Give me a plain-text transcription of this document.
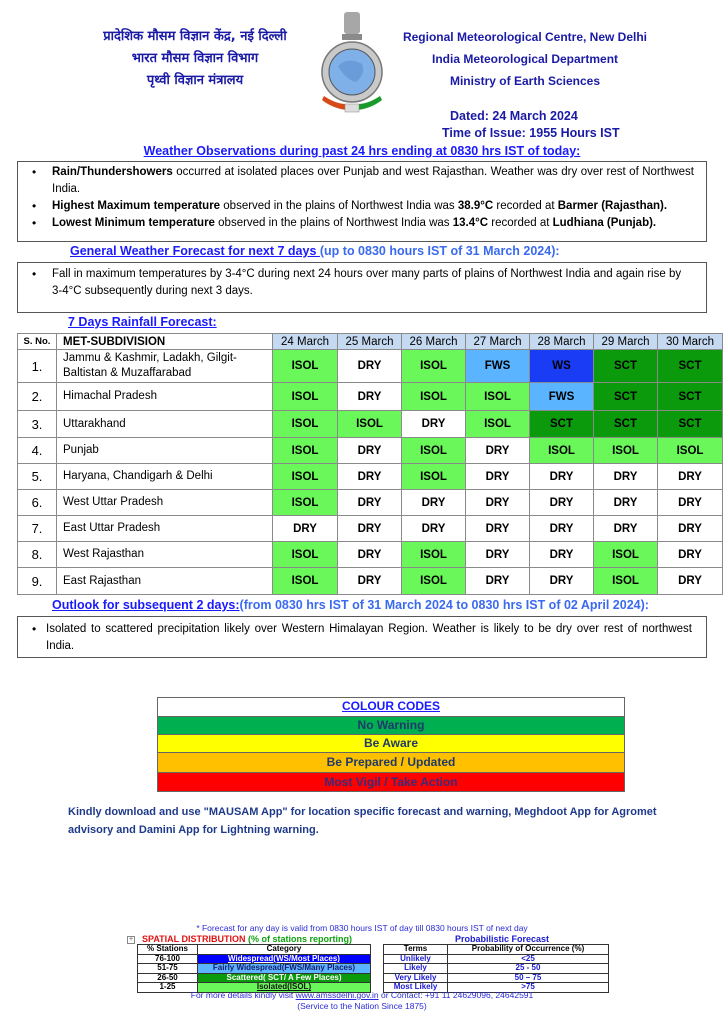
प्रादेशिक मौसम विज्ञान केंद्र, नई दिल्ली
भारत मौसम विज्ञान विभाग
पृथ्वी विज्ञान मंत्रालय
Regional Meteorological Centre, New Delhi
India Meteorological Department
Ministry of Earth Sciences
Dated: 24 March 2024
Time of Issue: 1955 Hours IST
Weather Observations during past 24 hrs ending at 0830 hrs IST of today:
• Rain/Thundershowers occurred at isolated places over Punjab and west Rajasthan. Weather was dry over rest of Northwest India.
• Highest Maximum temperature observed in the plains of Northwest India was 38.9°C recorded at Barmer (Rajasthan).
• Lowest Minimum temperature observed in the plains of Northwest India was 13.4°C recorded at Ludhiana (Punjab).
General Weather Forecast for next 7 days (up to 0830 hours IST of 31 March 2024):
• Fall in maximum temperatures by 3-4°C during next 24 hours over many parts of plains of Northwest India and again rise by 3-4°C subsequently during next 3 days.
7 Days Rainfall Forecast:
S. No.	MET-SUBDIVISION	24 March	25 March	26 March	27 March	28 March	29 March	30 March
1.	Jammu & Kashmir, Ladakh, Gilgit-Baltistan & Muzaffarabad	ISOL	DRY	ISOL	FWS	WS	SCT	SCT
2.	Himachal Pradesh	ISOL	DRY	ISOL	ISOL	FWS	SCT	SCT
3.	Uttarakhand	ISOL	ISOL	DRY	ISOL	SCT	SCT	SCT
4.	Punjab	ISOL	DRY	ISOL	DRY	ISOL	ISOL	ISOL
5.	Haryana, Chandigarh & Delhi	ISOL	DRY	ISOL	DRY	DRY	DRY	DRY
6.	West Uttar Pradesh	ISOL	DRY	DRY	DRY	DRY	DRY	DRY
7.	East Uttar Pradesh	DRY	DRY	DRY	DRY	DRY	DRY	DRY
8.	West Rajasthan	ISOL	DRY	ISOL	DRY	DRY	ISOL	DRY
9.	East Rajasthan	ISOL	DRY	ISOL	DRY	DRY	ISOL	DRY
Outlook for subsequent 2 days:(from 0830 hrs IST of 31 March 2024 to 0830 hrs IST of 02 April 2024):
• Isolated to scattered precipitation likely over Western Himalayan Region. Weather is likely to be dry over rest of northwest India.
COLOUR CODES
No Warning
Be Aware
Be Prepared / Updated
Most Vigil / Take Action
Kindly download and use "MAUSAM App" for location specific forecast and warning, Meghdoot App for Agromet advisory and Damini App for Lightning warning.
* Forecast for any day is valid from 0830 hours IST of day till 0830 hours IST of next day
+ SPATIAL DISTRIBUTION (% of stations reporting)
% Stations	Category
76-100	Widespread(WS/Most Places)
51-75	Fairly Widespread(FWS/Many Places)
26-50	Scattered( SCT/ A Few Places)
1-25	Isolated(ISOL)
Probabilistic Forecast
Terms	Probability of Occurrence (%)
Unlikely	<25
Likely	25 - 50
Very Likely	50 – 75
Most Likely	>75
For more details kindly visit www.amssdelhi.gov.in or Contact: +91 11 24629096, 24642591
(Service to the Nation Since 1875)
